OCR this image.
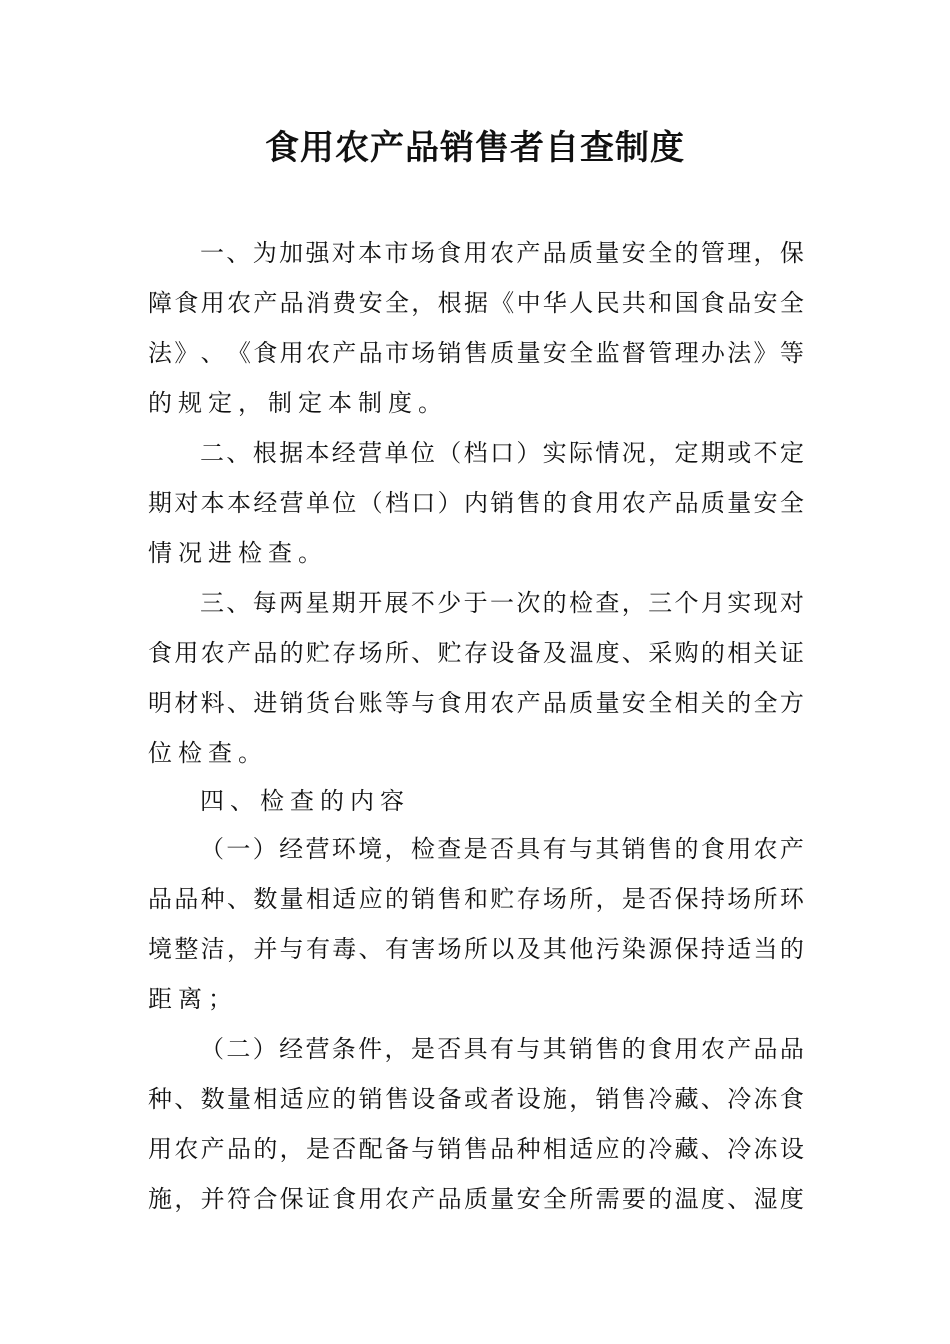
食用农产品销售者自查制度
一 、 为 加 强 对 本 市 场 食 用 农 产 品 质 量 安 全 的 管 理 ， 保
障 食 用 农 产 品 消 费 安 全 ， 根 据 《 中 华 人 民 共 和 国 食 品 安 全
法 》 、 《 食 用 农 产 品 市 场 销 售 质 量 安 全 监 督 管 理 办 法 》 等
的规定，制定本制度。
二 、 根 据 本 经 营 单 位 （ 档 口 ） 实 际 情 况 ， 定 期 或 不 定
期 对 本 本 经 营 单 位 （ 档 口 ） 内 销 售 的 食 用 农 产 品 质 量 安 全
情况进检查。
三 、 每 两 星 期 开 展 不 少 于 一 次 的 检 查 ， 三 个 月 实 现 对
食 用 农 产 品 的 贮 存 场 所 、 贮 存 设 备 及 温 度 、 采 购 的 相 关 证
明 材 料 、 进 销 货 台 账 等 与 食 用 农 产 品 质 量 安 全 相 关 的 全 方
位检查。
四、检查的内容
（ 一 ） 经 营 环 境 ， 检 查 是 否 具 有 与 其 销 售 的 食 用 农 产
品 品 种 、 数 量 相 适 应 的 销 售 和 贮 存 场 所 ， 是 否 保 持 场 所 环
境 整 洁 ， 并 与 有 毒 、 有 害 场 所 以 及 其 他 污 染 源 保 持 适 当 的
距离；
（ 二 ） 经 营 条 件 ， 是 否 具 有 与 其 销 售 的 食 用 农 产 品 品
种 、 数 量 相 适 应 的 销 售 设 备 或 者 设 施 ， 销 售 冷 藏 、 冷 冻 食
用 农 产 品 的 ， 是 否 配 备 与 销 售 品 种 相 适 应 的 冷 藏 、 冷 冻 设
施 ， 并 符 合 保 证 食 用 农 产 品 质 量 安 全 所 需 要 的 温 度 、 湿 度
